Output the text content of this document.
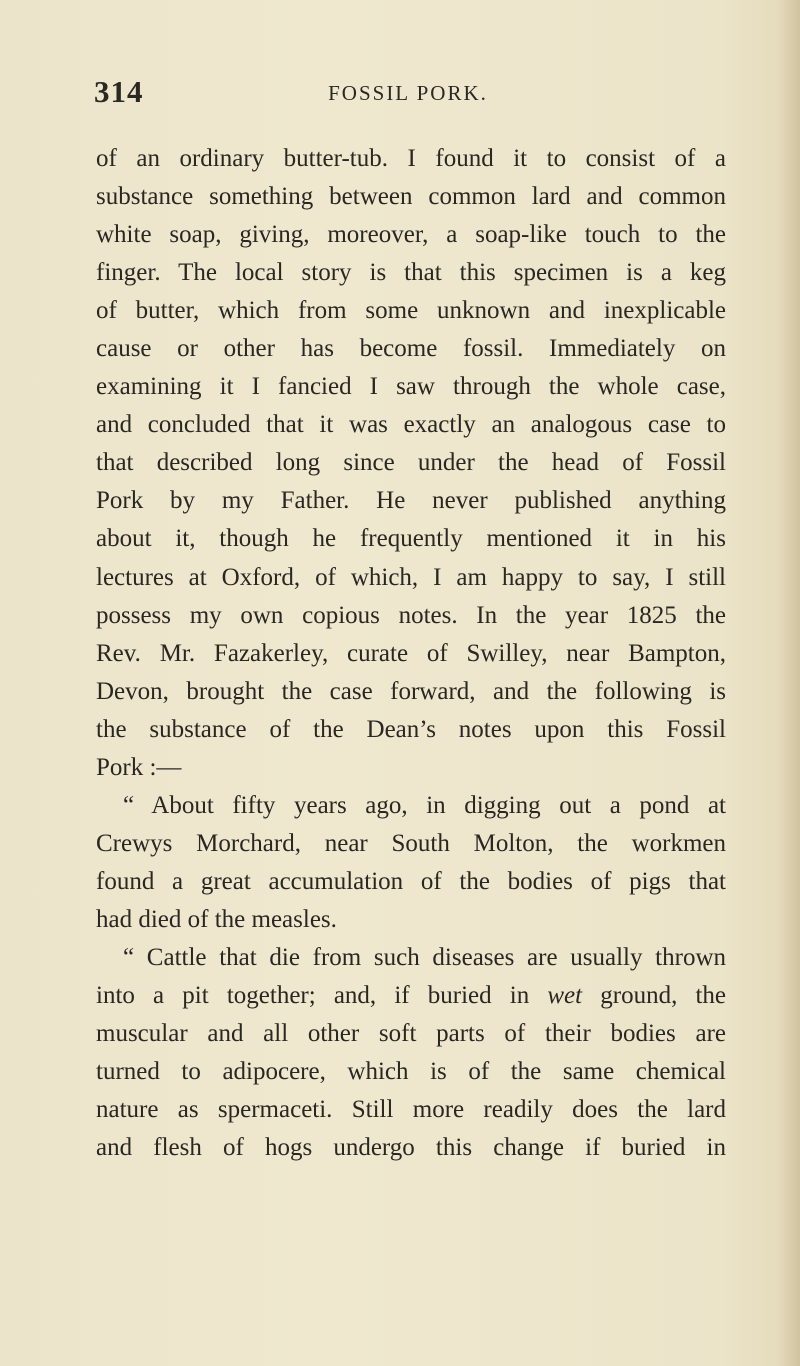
314	FOSSIL PORK.
of an ordinary butter-tub. I found it to consist of a
substance something between common lard and common
white soap, giving, moreover, a soap-like touch to the
finger. The local story is that this specimen is a keg
of butter, which from some unknown and inexplicable
cause or other has become fossil. Immediately on
examining it I fancied I saw through the whole case,
and concluded that it was exactly an analogous case to
that described long since under the head of Fossil
Pork by my Father. He never published anything
about it, though he frequently mentioned it in his
lectures at Oxford, of which, I am happy to say, I still
possess my own copious notes. In the year 1825 the
Rev. Mr. Fazakerley, curate of Swilley, near Bampton,
Devon, brought the case forward, and the following is
the substance of the Dean’s notes upon this Fossil
Pork :—
“ About fifty years ago, in digging out a pond at
Crewys Morchard, near South Molton, the workmen
found a great accumulation of the bodies of pigs that
had died of the measles.
“ Cattle that die from such diseases are usually thrown
into a pit together; and, if buried in wet ground, the
muscular and all other soft parts of their bodies are
turned to adipocere, which is of the same chemical
nature as spermaceti. Still more readily does the lard
and flesh of hogs undergo this change if buried in
